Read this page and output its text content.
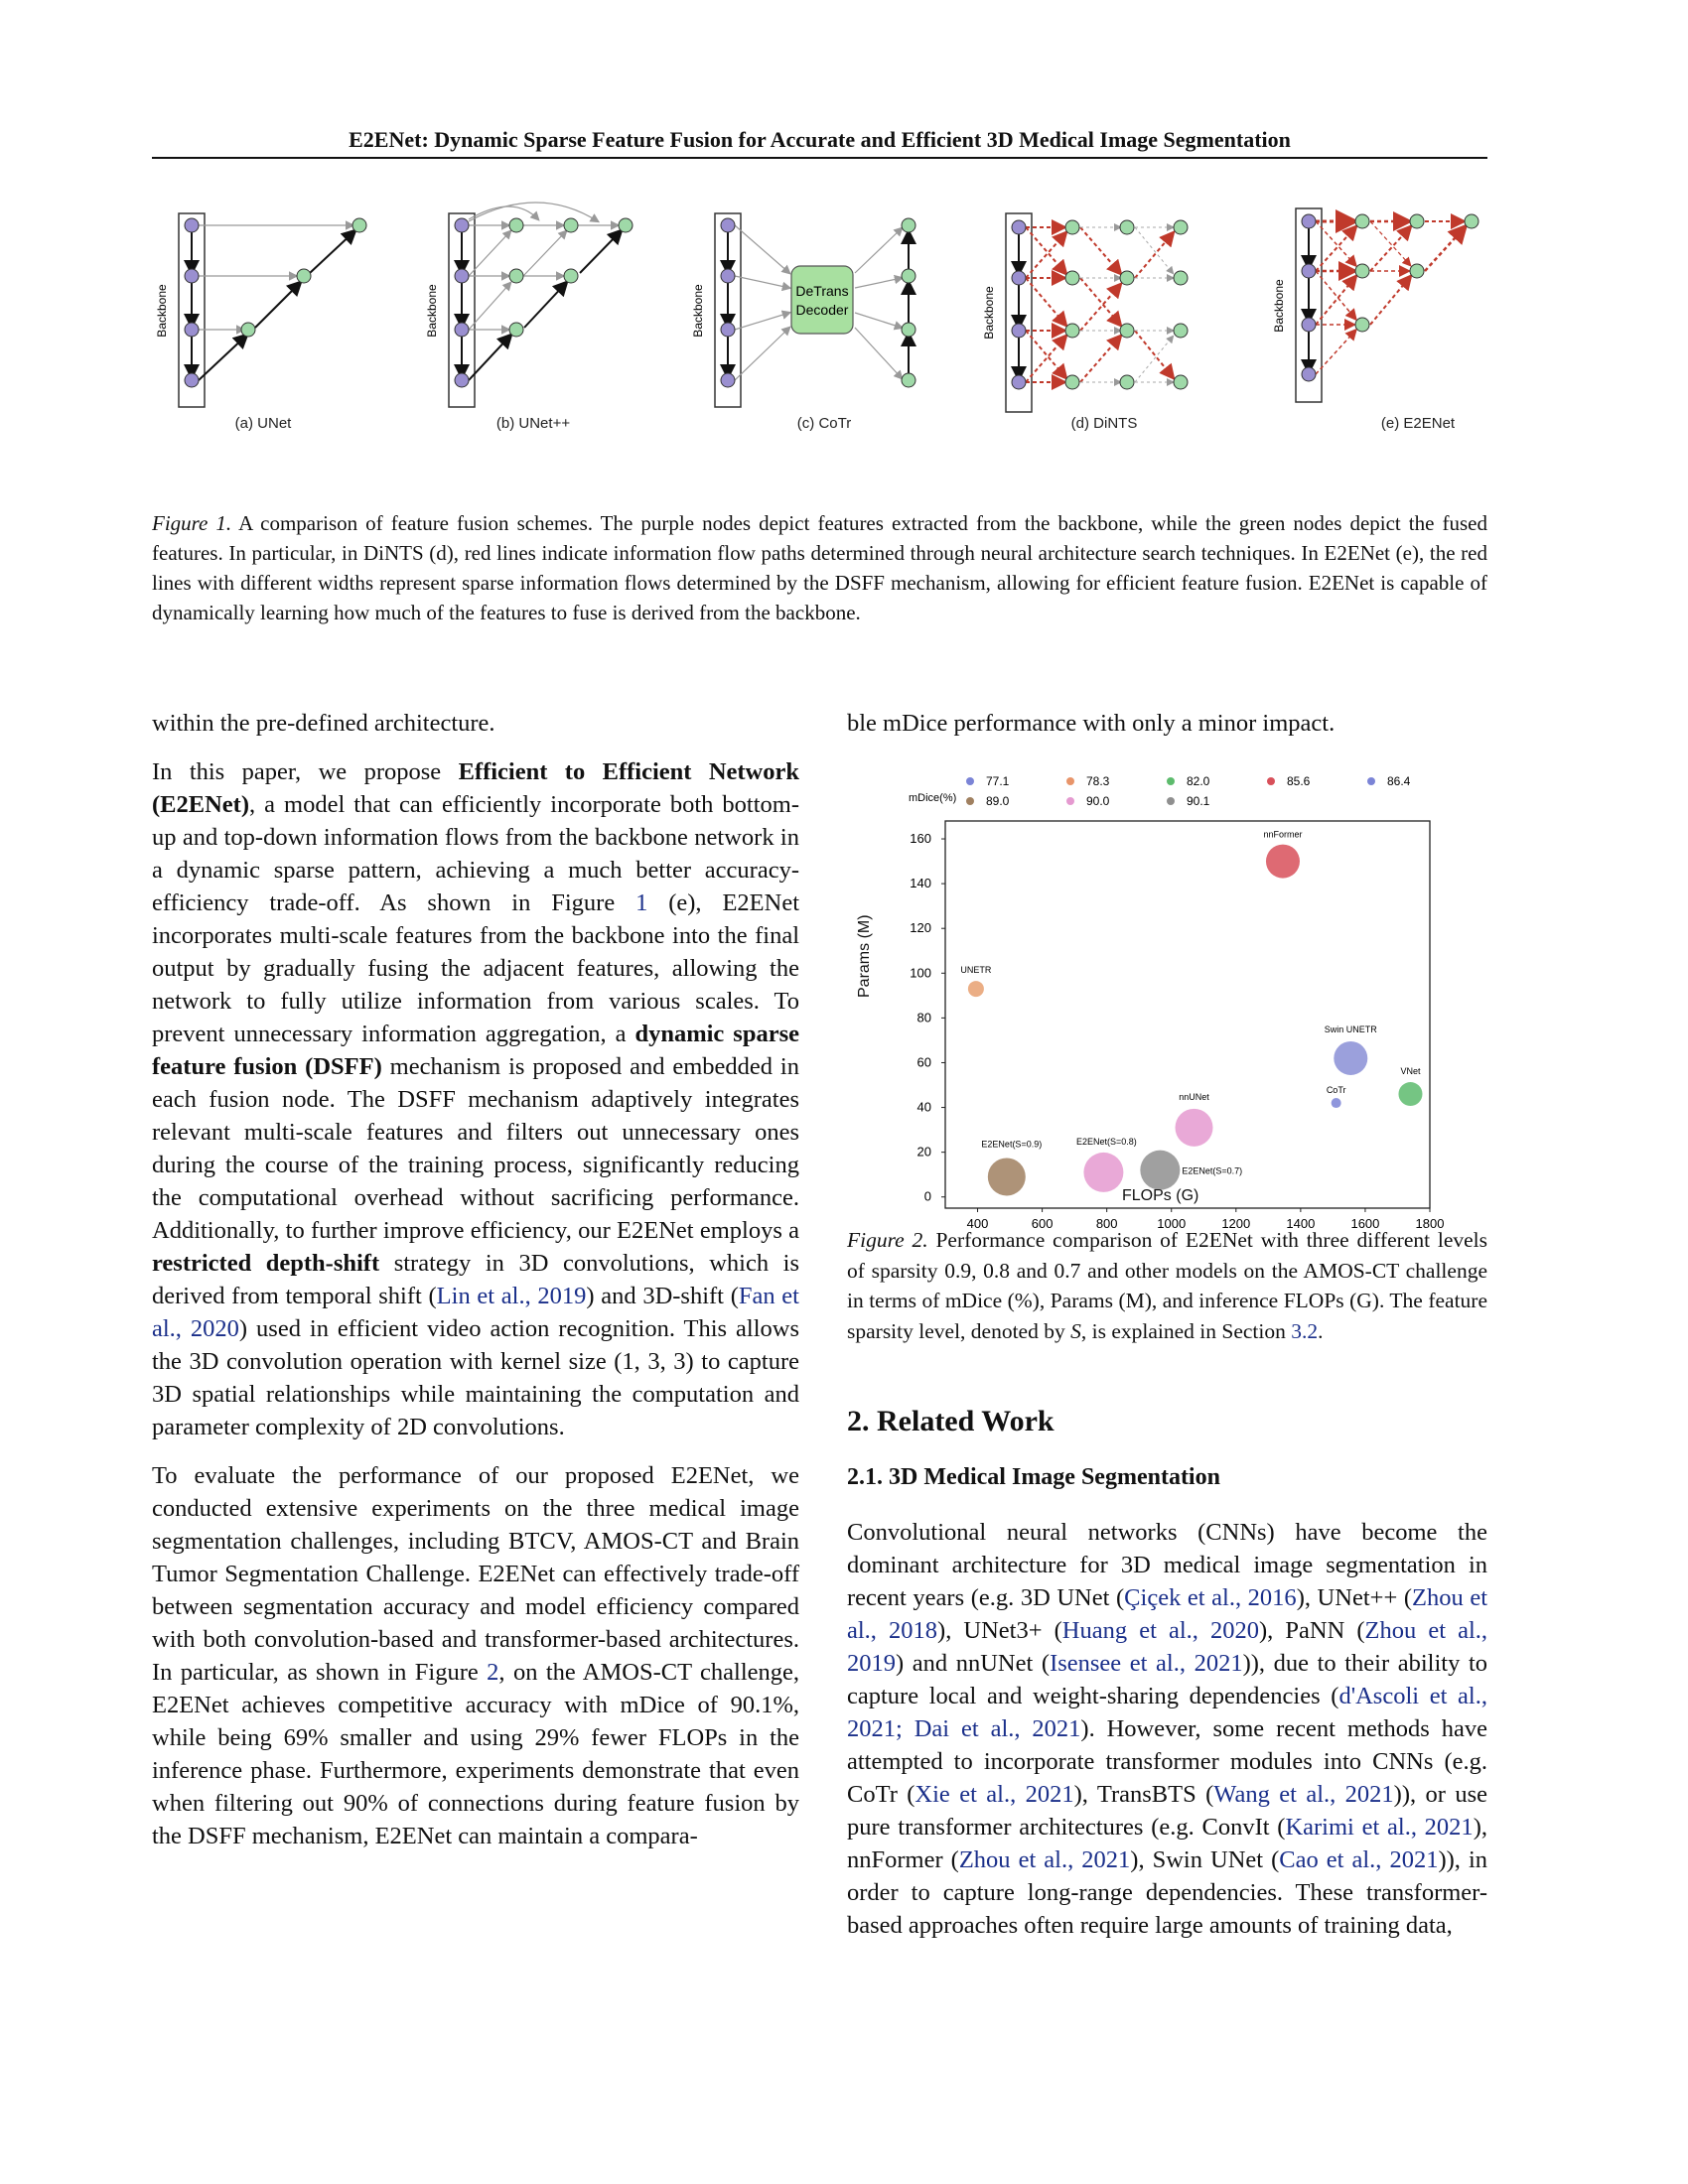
E2ENet: Dynamic Sparse Feature Fusion for Accurate and Efficient 3D Medical Image Segmentation
Backbone	Backbone	Backbone	DeTrans
Decoder	Backbone	Backbone
(a) UNet	(b) UNet++	(c) CoTr	(d) DiNTS	(e) E2ENet
Figure 1. A comparison of feature fusion schemes. The purple nodes depict features extracted from the backbone, while the green nodes depict the fused features. In particular, in DiNTS (d), red lines indicate information flow paths determined through neural architecture search techniques. In E2ENet (e), the red lines with different widths represent sparse information flows determined by the DSFF mechanism, allowing for efficient feature fusion. E2ENet is capable of dynamically learning how much of the features to fuse is derived from the backbone.

within the pre-defined architecture.

In this paper, we propose Efficient to Efficient Network (E2ENet), a model that can efficiently incorporate both bottom-up and top-down information flows from the backbone network in a dynamic sparse pattern, achieving a much better accuracy-efficiency trade-off. As shown in Figure 1 (e), E2ENet incorporates multi-scale features from the backbone into the final output by gradually fusing the adjacent features, allowing the network to fully utilize information from various scales. To prevent unnecessary information aggregation, a dynamic sparse feature fusion (DSFF) mechanism is proposed and embedded in each fusion node. The DSFF mechanism adaptively integrates relevant multi-scale features and filters out unnecessary ones during the course of the training process, significantly reducing the computational overhead without sacrificing performance. Additionally, to further improve efficiency, our E2ENet employs a restricted depth-shift strategy in 3D convolutions, which is derived from temporal shift (Lin et al., 2019) and 3D-shift (Fan et al., 2020) used in efficient video action recognition. This allows the 3D convolution operation with kernel size (1, 3, 3) to capture 3D spatial relationships while maintaining the computation and parameter complexity of 2D convolutions.

To evaluate the performance of our proposed E2ENet, we conducted extensive experiments on the three medical image segmentation challenges, including BTCV, AMOS-CT and Brain Tumor Segmentation Challenge. E2ENet can effectively trade-off between segmentation accuracy and model efficiency compared with both convolution-based and transformer-based architectures. In particular, as shown in Figure 2, on the AMOS-CT challenge, E2ENet achieves competitive accuracy with mDice of 90.1%, while being 69% smaller and using 29% fewer FLOPs in the inference phase. Furthermore, experiments demonstrate that even when filtering out 90% of connections during feature fusion by the DSFF mechanism, E2ENet can maintain a compara-

ble mDice performance with only a minor impact.

mDice(%)
77.1	78.3	82.0	85.6	86.4
89.0	90.0	90.1
0
20
40
60
80
100
120
140
160
400	600	800	1000	1200	1400	1600	1800
UNETR
nnFormer
Swin UNETR
CoTr
VNet
nnUNet
E2ENet(S=0.9)	E2ENet(S=0.8)
E2ENet(S=0.7)
FLOPs (G)
Params (M)
Figure 2. Performance comparison of E2ENet with three different levels of sparsity 0.9, 0.8 and 0.7 and other models on the AMOS-CT challenge in terms of mDice (%), Params (M), and inference FLOPs (G). The feature sparsity level, denoted by S, is explained in Section 3.2.
2. Related Work
2.1. 3D Medical Image Segmentation

Convolutional neural networks (CNNs) have become the dominant architecture for 3D medical image segmentation in recent years (e.g. 3D UNet (Çiçek et al., 2016), UNet++ (Zhou et al., 2018), UNet3+ (Huang et al., 2020), PaNN (Zhou et al., 2019) and nnUNet (Isensee et al., 2021)), due to their ability to capture local and weight-sharing dependencies (d'Ascoli et al., 2021; Dai et al., 2021). However, some recent methods have attempted to incorporate transformer modules into CNNs (e.g. CoTr (Xie et al., 2021), TransBTS (Wang et al., 2021)), or use pure transformer architectures (e.g. ConvIt (Karimi et al., 2021), nnFormer (Zhou et al., 2021), Swin UNet (Cao et al., 2021)), in order to capture long-range dependencies. These transformer-based approaches often require large amounts of training data,
